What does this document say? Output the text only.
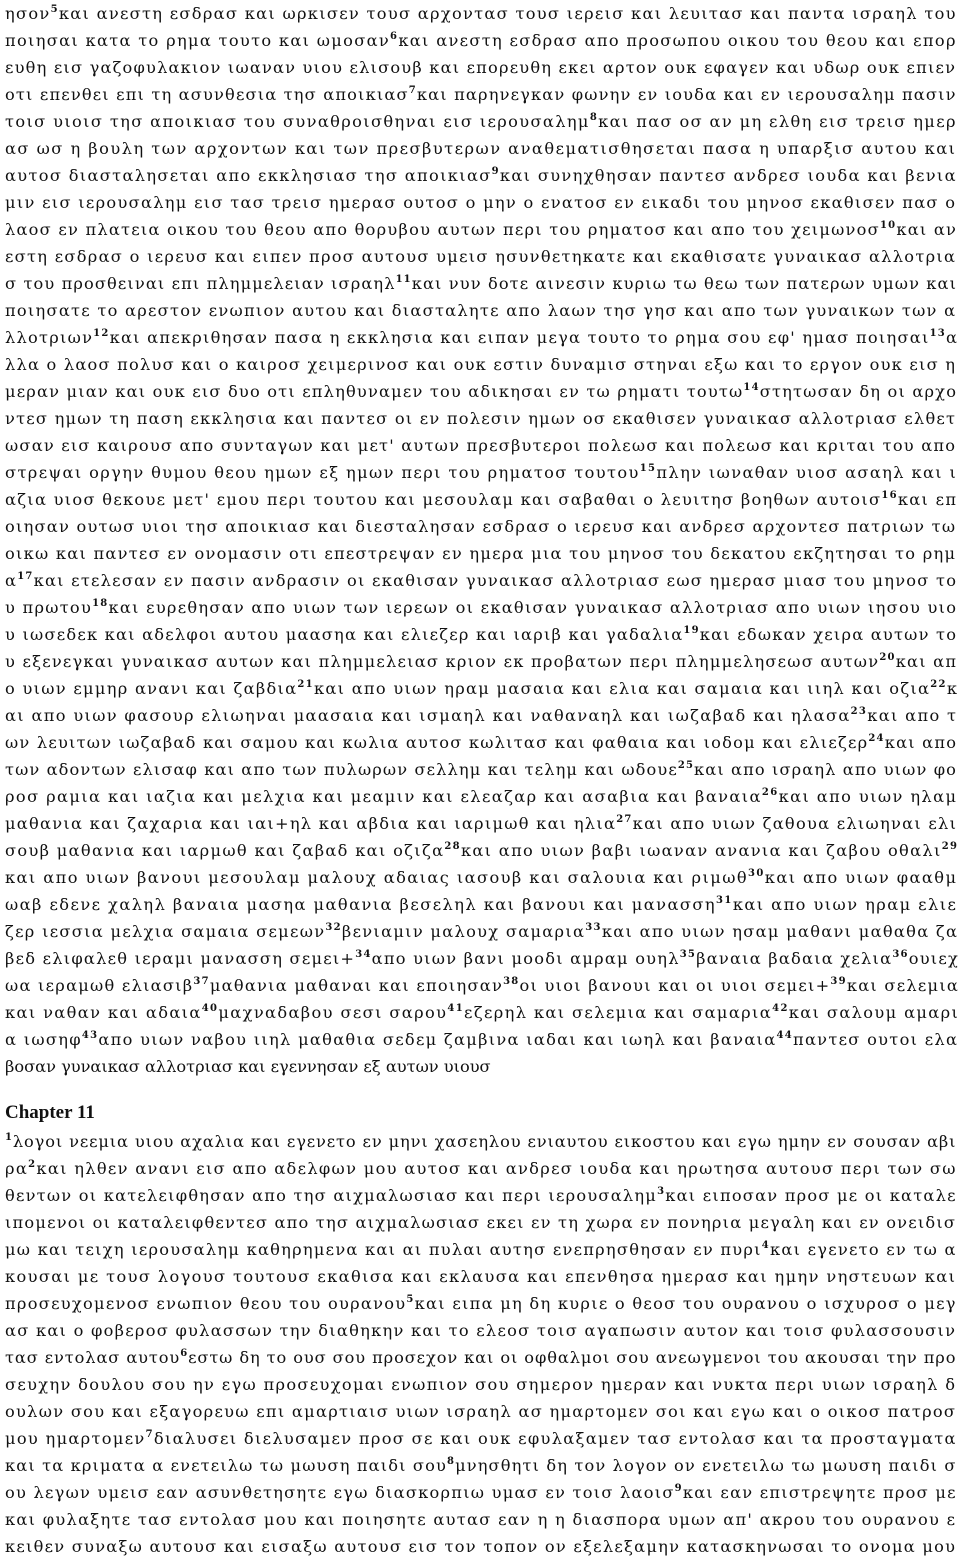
ησον$^5$και ανεστη εσδρασ και ωρκισεν τουσ αρχοντασ τουσ ιερεισ και λευιτασ και παντα ισραηλ του
ποιησαι κατα το ρημα τουτο και ωμοσαν$^6$και ανεστη εσδρασ απο προσωπου οικου του θεου και επορ
ευθη εισ γαζοφυλακιον ιωαναν υιου ελισουβ και επορευθη εκει αρτον ουκ εφαγεν και υδωρ ουκ επιεν
οτι επενθει επι τη ασυνθεσια τησ αποικιασ$^7$και παρηνεγκαν φωνην εν ιουδα και εν ιερουσαλημ πασιν
τοισ υιοισ τησ αποικιασ του συναθροισθηναι εισ ιερουσαλημ$^8$και πασ οσ αν μη ελθη εισ τρεισ ημερ
ασ ωσ η βουλη των αρχοντων και των πρεσβυτερων αναθεματισθησεται πασα η υπαρξισ αυτου και
αυτοσ διασταλησεται απο εκκλησιασ τησ αποικιασ$^9$και συνηχθησαν παντεσ ανδρεσ ιουδα και βενια
μιν εισ ιερουσαλημ εισ τασ τρεισ ημερασ ουτοσ ο μην ο ενατοσ εν εικαδι του μηνοσ εκαθισεν πασ ο
λαοσ εν πλατεια οικου του θεου απο θορυβου αυτων περι του ρηματοσ και απο του χειμωνοσ$^{10}$και αν
εστη εσδρασ ο ιερευσ και ειπεν προσ αυτουσ υμεισ ησυνθετηκατε και εκαθισατε γυναικασ αλλοτρια
σ του προσθειναι επι πλημμελειαν ισραηλ$^{11}$και νυν δοτε αινεσιν κυριω τω θεω των πατερων υμων και
ποιησατε το αρεστον ενωπιον αυτου και διασταλητε απο λαων τησ γησ και απο των γυναικων των α
λλοτριων$^{12}$και απεκριθησαν πασα η εκκλησια και ειπαν μεγα τουτο το ρημα σου εφ' ημασ ποιησαι$^{13}$α
λλα ο λαοσ πολυσ και ο καιροσ χειμερινοσ και ουκ εστιν δυναμισ στηναι εξω και το εργον ουκ εισ η
μεραν μιαν και ουκ εισ δυο οτι επληθυναμεν του αδικησαι εν τω ρηματι τουτω$^{14}$στητωσαν δη οι αρχο
ντεσ ημων τη παση εκκλησια και παντεσ οι εν πολεσιν ημων οσ εκαθισεν γυναικασ αλλοτριασ ελθετ
ωσαν εισ καιρουσ απο συνταγων και μετ' αυτων πρεσβυτεροι πολεωσ και πολεωσ και κριται του απο
στρεψαι οργην θυμου θεου ημων εξ ημων περι του ρηματοσ τουτου$^{15}$πλην ιωναθαν υιοσ ασαηλ και ι
αζια υιοσ θεκουε μετ' εμου περι τουτου και μεσουλαμ και σαβαθαι ο λευιτησ βοηθων αυτοισ$^{16}$και επ
οιησαν ουτωσ υιοι τησ αποικιασ και διεσταλησαν εσδρασ ο ιερευσ και ανδρεσ αρχοντεσ πατριων τω
οικω και παντεσ εν ονομασιν οτι επεστρεψαν εν ημερα μια του μηνοσ του δεκατου εκζητησαι το ρημ
$\alpha^{17}\kappa\alpha\iota$ ετελεσαν εν πασιν ανδρασιν οι εκαθισαν γυναικασ αλλοτριασ εωσ ημερασ μιασ του μηνοσ το
υ πρωτου$^{18}$και ευρεθησαν απο υιων των ιερεων οι εκαθισαν γυναικασ αλλοτριασ απο υιων ιησου υιο
υ ιωσεδεκ και αδελφοι αυτου μαασηα και ελιεζερ και ιαριβ και γαδαλια$^{19}$και εδωκαν χειρα αυτων το
υ εξενεγκαι γυναικασ αυτων και πλημμελειασ κριον εκ προβατων περι πλημμελησεωσ αυτων$^{20}$και απ
ο υιων εμμηρ ανανι και ζαβδια$^{21}$και απο υιων ηραμ μασαια και ελια και σαμαια και ιιηλ και οζια$^{22}$κ
αι απο υιων φασουρ ελιωηναι μαασαια και ισμαηλ και ναθαναηλ και ιωζαβαδ και ηλασα$^{23}$και απο τ
ων λευιτων ιωζαβαδ και σαμου και κωλια αυτοσ κωλιτασ και φαθαια και ιοδομ και ελιεζερ$^{24}$και απο
των αδοντων ελισαφ και απο των πυλωρων σελλημ και τελημ και ωδουε$^{25}$και απο ισραηλ απο υιων φο
ροσ ραμια και ιαζια και μελχια και μεαμιν και ελεαζαρ και ασαβια και βαναια$^{26}$και απο υιων ηλαμ
μαθανια και ζαχαρια και ιαι+ηλ και αβδια και ιαριμωθ και ηλια$^{27}$και απο υιων ζαθουα ελιωηναι ελι
σουβ μαθανια και ιαρμωθ και ζαβαδ και οζιζα$^{28}$και απο υιων βαβι ιωαναν ανανια και ζαβου οθαλι$^{29}$
και απο υιων βανουι μεσουλαμ μαλουχ αδαιας ιασουβ και σαλουια και ριμωθ$^{30}$και απο υιων φααθμ
ωαβ εδενε χαληλ βαναια μασηα μαθανια βεσεληλ και βανουι και μανασση$^{31}$και απο υιων ηραμ ελιε
ζερ ιεσσια μελχια σαμαια σεμεων$^{32}$βενιαμιν μαλουχ σαμαρια$^{33}$και απο υιων ησαμ μαθανι μαθαθα ζα
βεδ ελιφαλεθ ιεραμι μανασση σεμει+$^{34}$απο υιων βανι μοοδι αμραμ ουηλ$^{35}$βαναια βαδαια χελια$^{36}$ουιεχ
ωα ιεραμωθ ελιασιβ$^{37}$μαθανια μαθαναι και εποιησαν$^{38}$οι υιοι βανουι και οι υιοι σεμει+$^{39}$και σελεμια
και ναθαν και αδαια$^{40}$μαχναδαβου σεσι σαρου$^{41}$εζερηλ και σελεμια και σαμαρια$^{42}$και σαλουμ αμαρι
α ιωσηφ$^{43}$απο υιων ναβου ιιηλ μαθαθια σεδεμ ζαμβινα ιαδαι και ιωηλ και βαναια$^{44}$παντεσ ουτοι ελα
βοσαν γυναικασ αλλοτριασ και εγεννησαν εξ αυτων υιουσ
Chapter 11
$^1$λογοι νεεμια υιου αχαλια και εγενετο εν μηνι χασεηλου ενιαυτου εικοστου και εγω ημην εν σουσαν αβι
$\rho\alpha^2\kappa\alpha\iota$ ηλθεν ανανι εισ απο αδελφων μου αυτοσ και ανδρεσ ιουδα και ηρωτησα αυτουσ περι των σω
θεντων οι κατελειφθησαν απο τησ αιχμαλωσιασ και περι ιερουσαλημ$^3$και ειποσαν προσ με οι καταλε
ιπομενοι οι καταλειφθεντεσ απο τησ αιχμαλωσιασ εκει εν τη χωρα εν πονηρια μεγαλη και εν ονειδισ
μω και τειχη ιερουσαλημ καθηρημενα και αι πυλαι αυτησ ενεπρησθησαν εν πυρι$^4$και εγενετο εν τω α
κουσαι με τουσ λογουσ τουτουσ εκαθισα και εκλαυσα και επενθησα ημερασ και ημην νηστευων και
προσευχομενοσ ενωπιον θεου του ουρανου$^5$και ειπα μη δη κυριε ο θεοσ του ουρανου ο ισχυροσ ο μεγ
ασ και ο φοβεροσ φυλασσων την διαθηκην και το ελεοσ τοισ αγαπωσιν αυτον και τοισ φυλασσουσιν
τασ εντολασ αυτου$^6$εστω δη το ουσ σου προσεχον και οι οφθαλμοι σου ανεωγμενοι του ακουσαι την προ
σευχην δουλου σου ην εγω προσευχομαι ενωπιον σου σημερον ημεραν και νυκτα περι υιων ισραηλ δ
ουλων σου και εξαγορευω επι αμαρτιαισ υιων ισραηλ ασ ημαρτομεν σοι και εγω και ο οικοσ πατροσ
μου ημαρτομεν$^7$διαλυσει διελυσαμεν προσ σε και ουκ εφυλαξαμεν τασ εντολασ και τα προσταγματα
και τα κριματα α ενετειλω τω μωυση παιδι σου$^8$μνησθητι δη τον λογον ον ενετειλω τω μωυση παιδι σ
ου λεγων υμεισ εαν ασυνθετησητε εγω διασκορπιω υμασ εν τοισ λαοισ$^9$και εαν επιστρεψητε προσ με
και φυλαξητε τασ εντολασ μου και ποιησητε αυτασ εαν η η διασπορα υμων απ' ακρου του ουρανου ε
κειθεν συναξω αυτουσ και εισαξω αυτουσ εισ τον τοπον ον εξελεξαμην κατασκηνωσαι το ονομα μου
